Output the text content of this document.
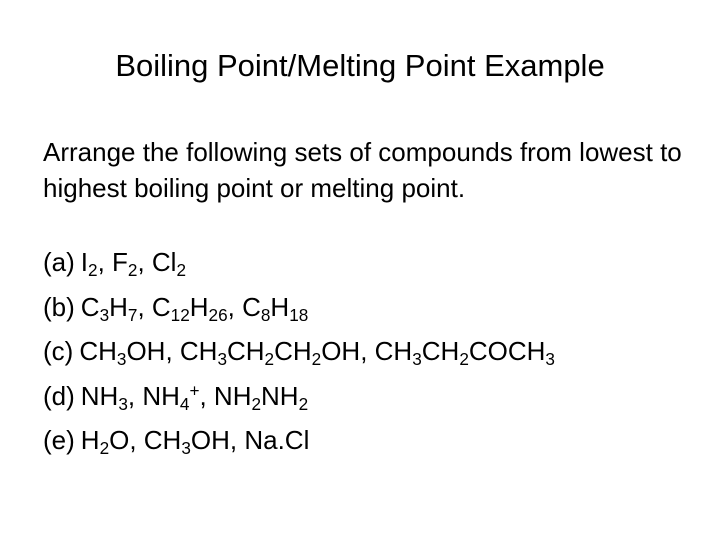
Boiling Point/Melting Point Example
Arrange the following sets of compounds from lowest to highest boiling point or melting point.
(a) $I_2$, $F_2$, $Cl_2$
(b) $C_3H_7$, $C_{12}H_{26}$, $C_8H_{18}$
(c) $CH_3OH$, $CH_3CH_2CH_2OH$, $CH_3CH_2COCH_3$
(d) $NH_3$, $NH_4^+$, $NH_2NH_2$
(e) $H_2O$, $CH_3OH$, Na.Cl
